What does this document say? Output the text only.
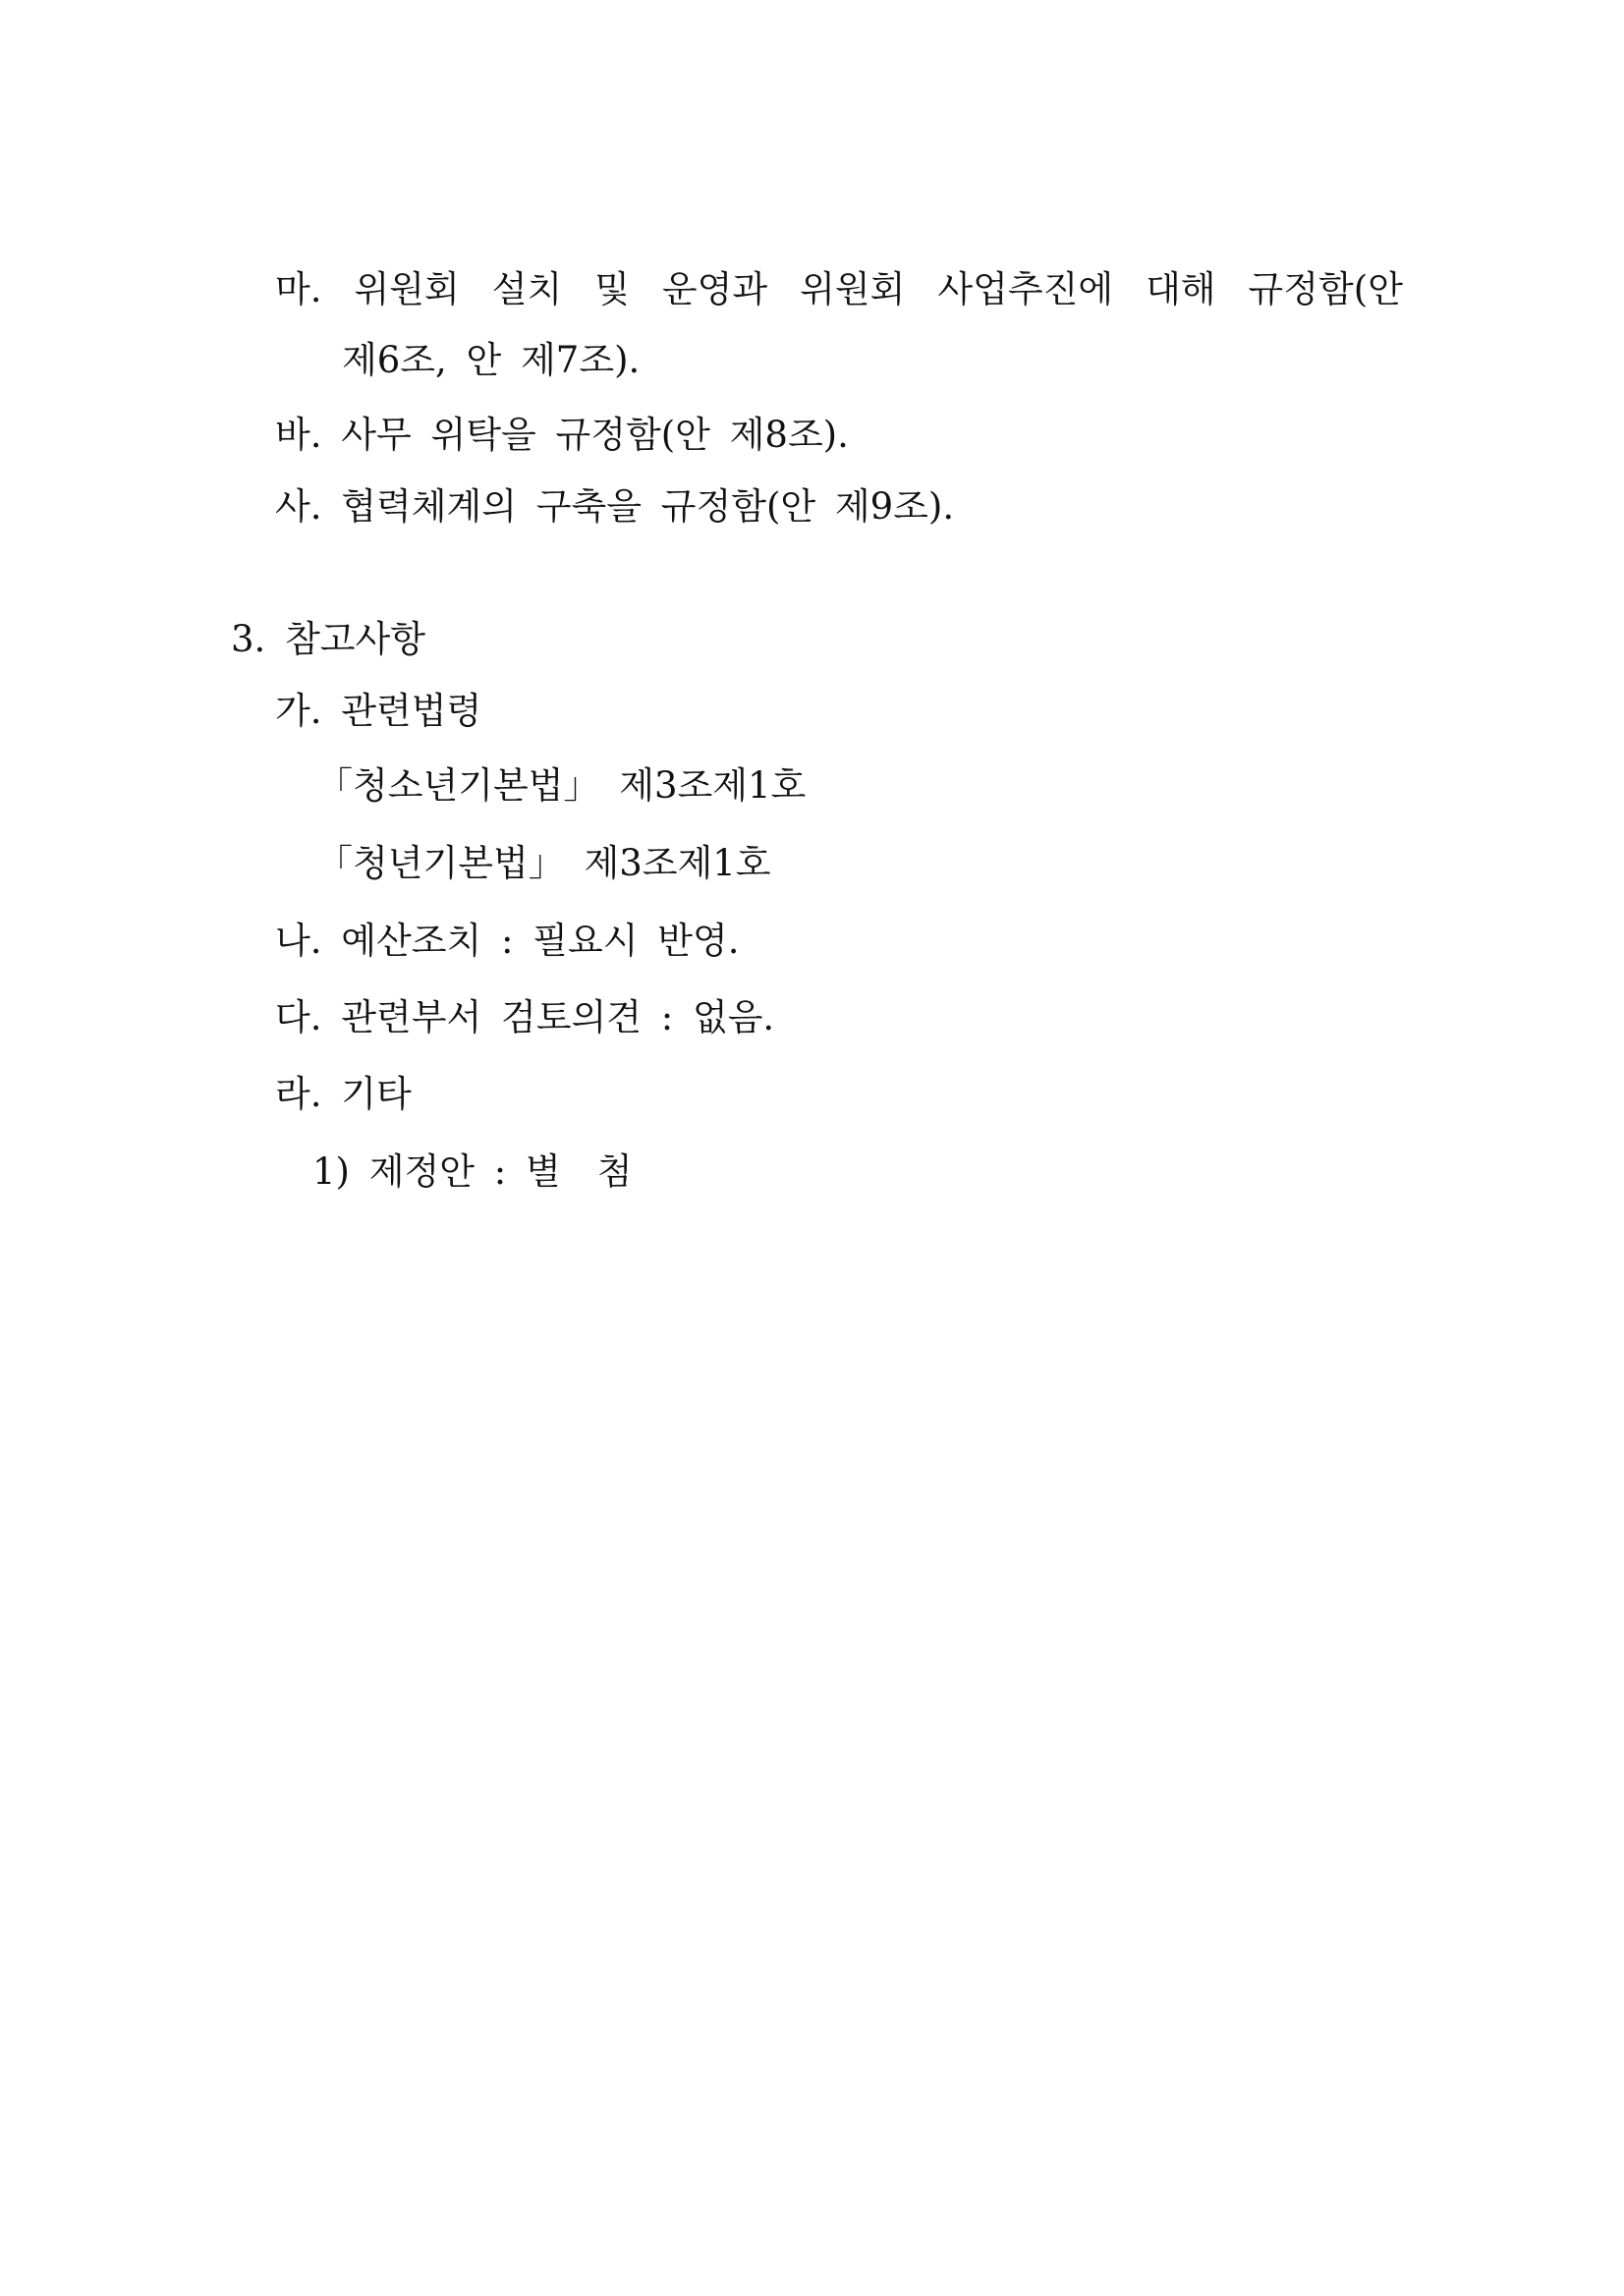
마. 위원회 설치 및 운영과 위원회 사업추진에 대해 규정함(안
제6조, 안 제7조).
바. 사무 위탁을 규정함(안 제8조).
사. 협력체계의 구축을 규정함(안 제9조).
3. 참고사항
가. 관련법령
「청소년기본법」 제3조제1호
「청년기본법」 제3조제1호
나. 예산조치 : 필요시 반영.
다. 관련부서 검토의견 : 없음.
라. 기타
1) 제정안 : 별　첨
